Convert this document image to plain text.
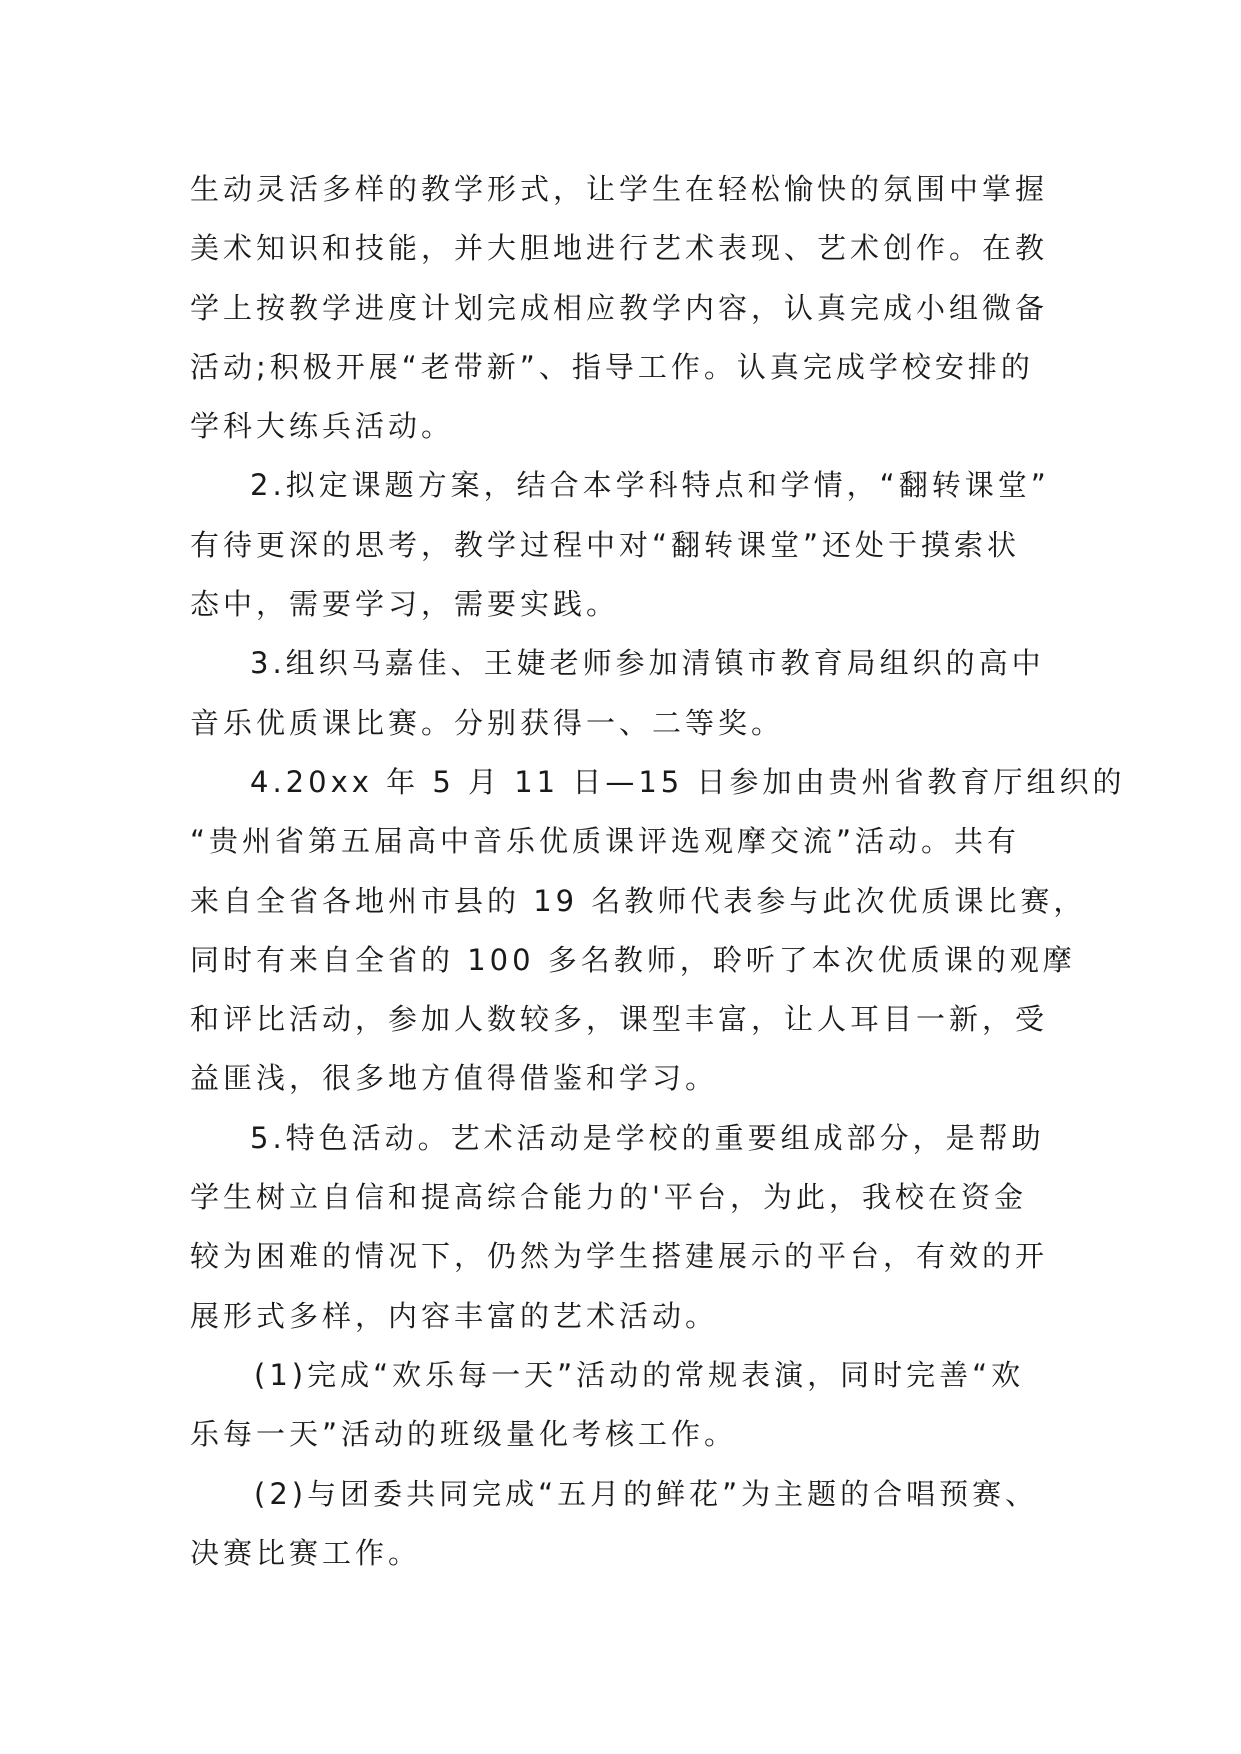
生动灵活多样的教学形式，让学生在轻松愉快的氛围中掌握

美术知识和技能，并大胆地进行艺术表现、艺术创作。在教

学上按教学进度计划完成相应教学内容，认真完成小组微备

活动;积极开展“老带新”、指导工作。认真完成学校安排的

学科大练兵活动。

2.拟定课题方案，结合本学科特点和学情，“翻转课堂”

有待更深的思考，教学过程中对“翻转课堂”还处于摸索状

态中，需要学习，需要实践。

3.组织马嘉佳、王婕老师参加清镇市教育局组织的高中

音乐优质课比赛。分别获得一、二等奖。

4.20xx 年 5 月 11 日—15 日参加由贵州省教育厅组织的

“贵州省第五届高中音乐优质课评选观摩交流”活动。共有

来自全省各地州市县的 19 名教师代表参与此次优质课比赛，

同时有来自全省的 100 多名教师，聆听了本次优质课的观摩

和评比活动，参加人数较多，课型丰富，让人耳目一新，受

益匪浅，很多地方值得借鉴和学习。

5.特色活动。艺术活动是学校的重要组成部分，是帮助

学生树立自信和提高综合能力的'平台，为此，我校在资金

较为困难的情况下，仍然为学生搭建展示的平台，有效的开

展形式多样，内容丰富的艺术活动。

(1)完成“欢乐每一天”活动的常规表演，同时完善“欢

乐每一天”活动的班级量化考核工作。

(2)与团委共同完成“五月的鲜花”为主题的合唱预赛、

决赛比赛工作。
